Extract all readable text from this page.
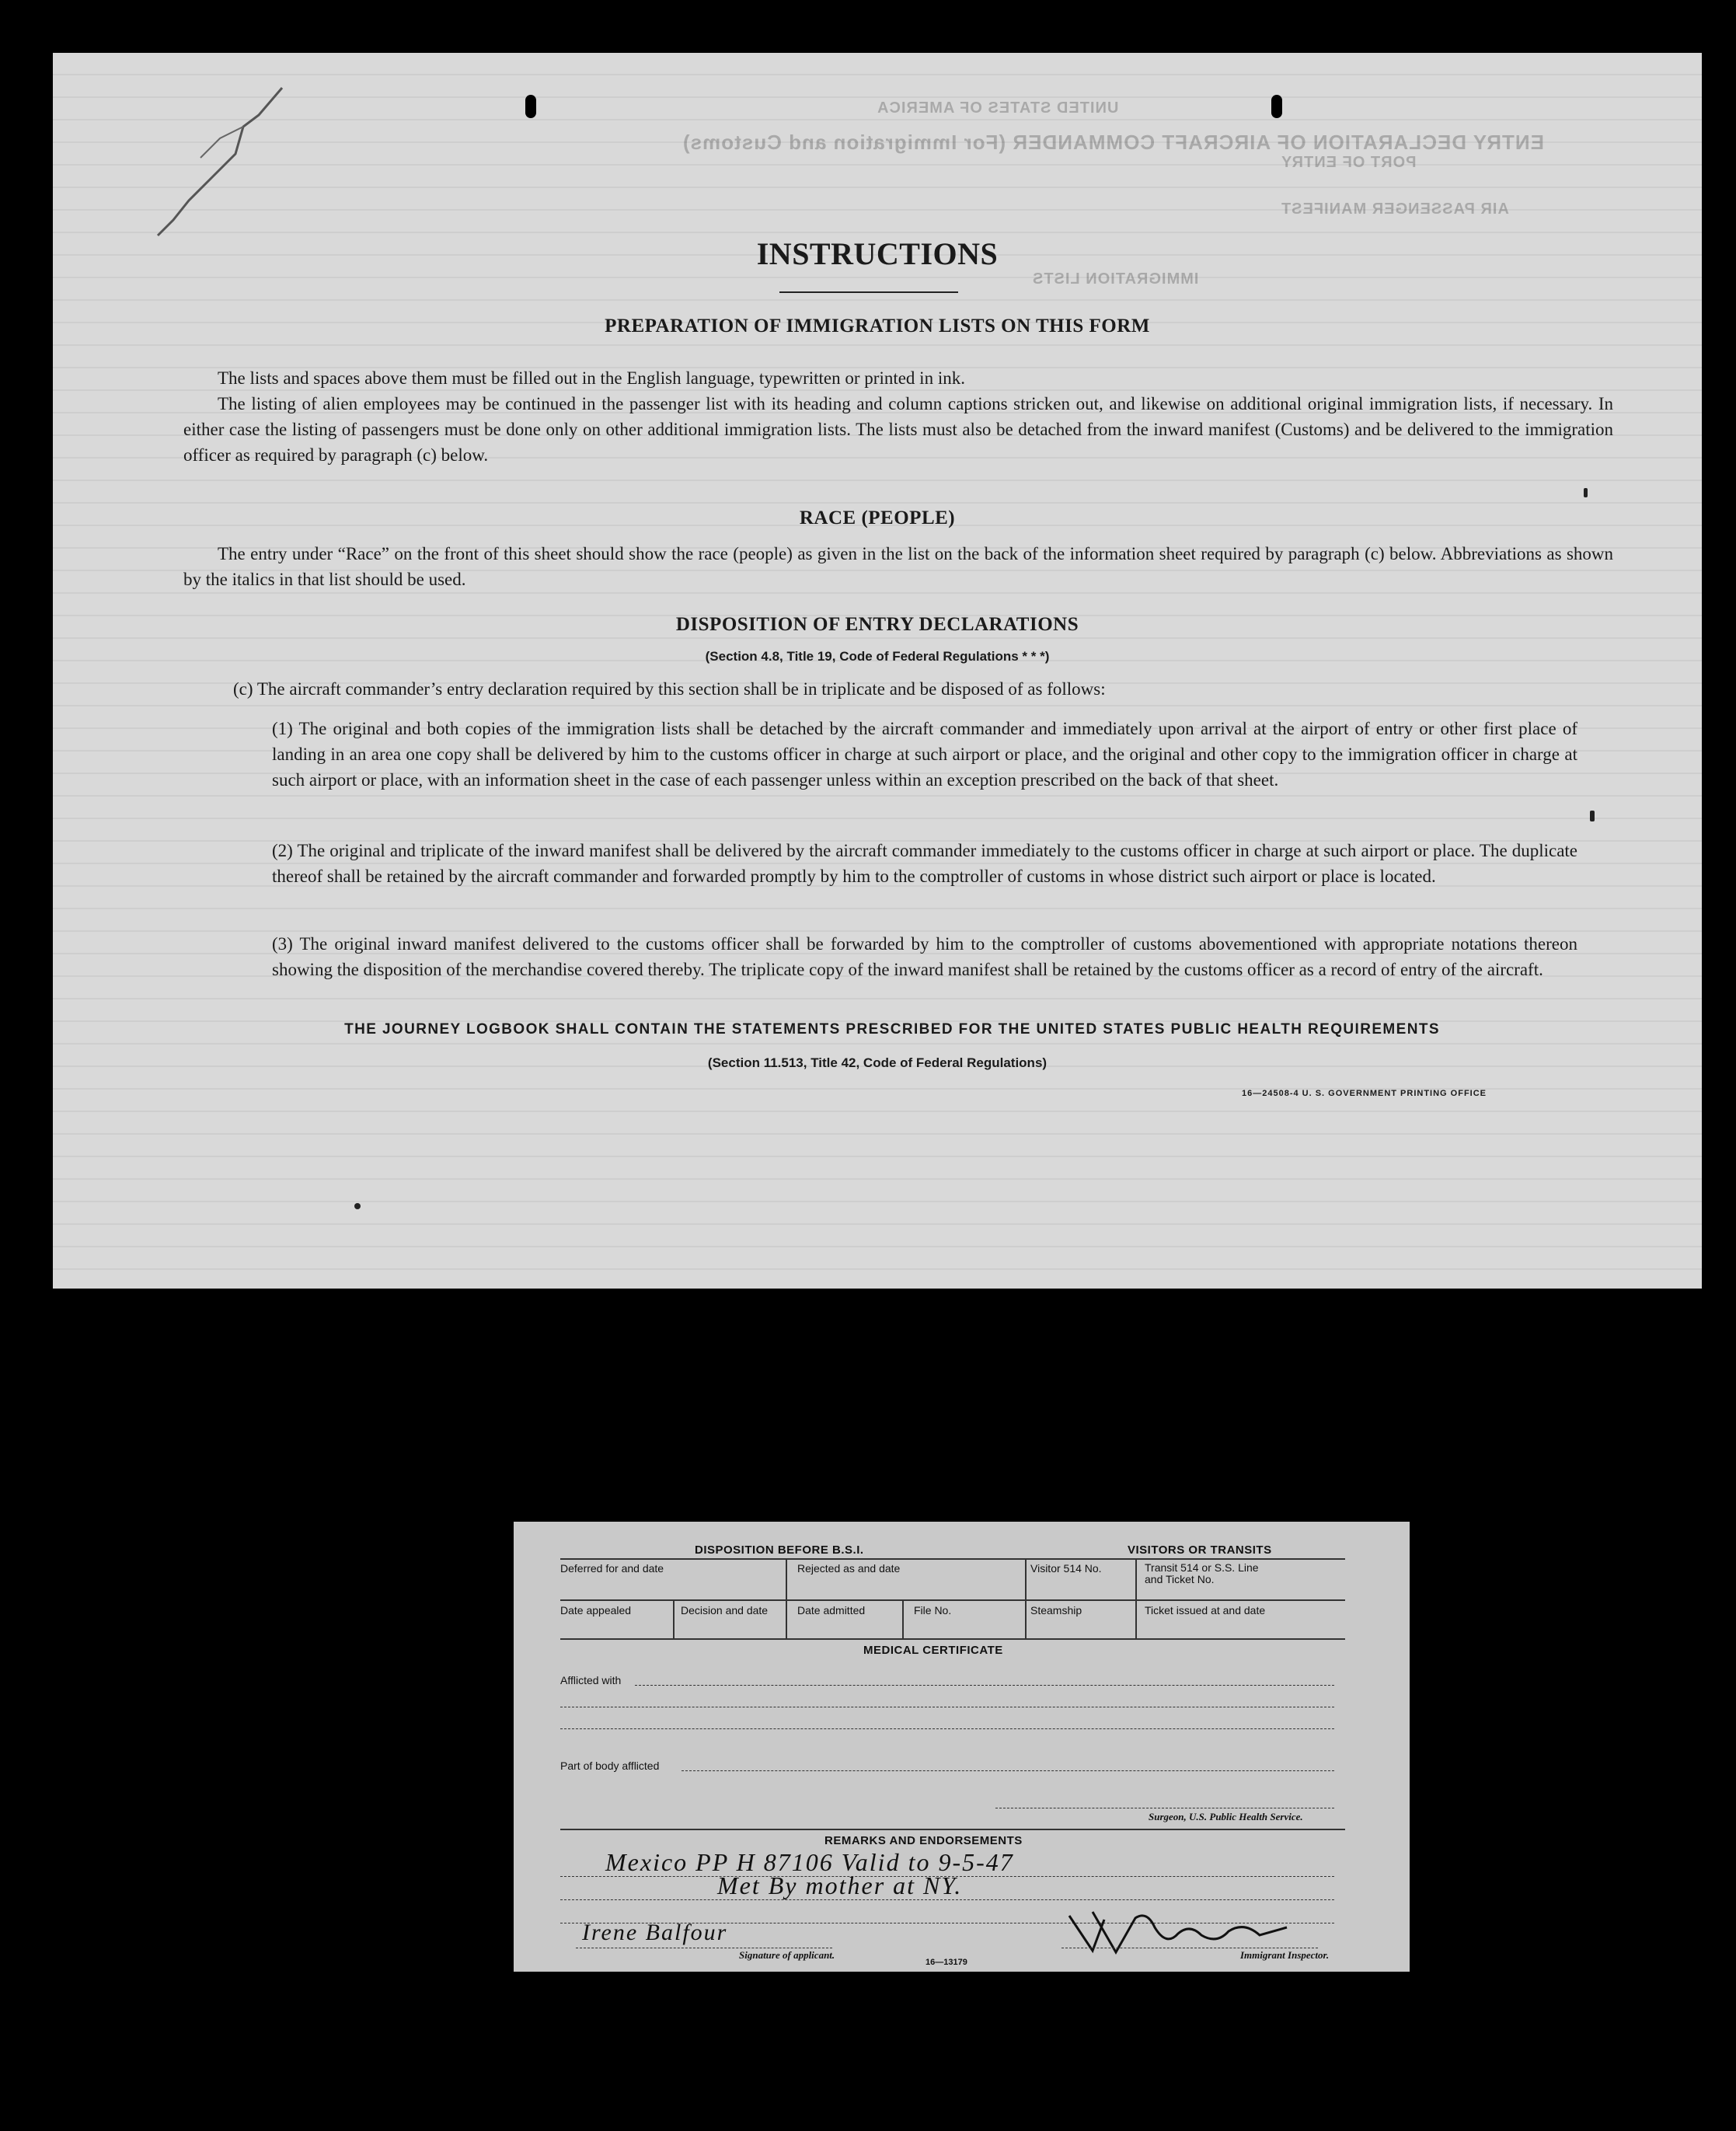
UNITED STATES OF AMERICA
ENTRY DECLARATION OF AIRCRAFT COMMANDER (For Immigration and Customs)
PORT OF ENTRY
AIR PASSENGER MANIFEST
IMMIGRATION LISTS
INSTRUCTIONS
PREPARATION OF IMMIGRATION LISTS ON THIS FORM
The lists and spaces above them must be filled out in the English language, typewritten or printed in ink.
The listing of alien employees may be continued in the passenger list with its heading and column captions stricken out, and likewise on additional original immigration lists, if necessary. In either case the listing of passengers must be done only on other additional immigration lists. The lists must also be detached from the inward manifest (Customs) and be delivered to the immigration officer as required by paragraph (c) below.
RACE (PEOPLE)
The entry under “Race” on the front of this sheet should show the race (people) as given in the list on the back of the information sheet required by paragraph (c) below. Abbreviations as shown by the italics in that list should be used.
DISPOSITION OF ENTRY DECLARATIONS
(Section 4.8, Title 19, Code of Federal Regulations * * *)
(c) The aircraft commander’s entry declaration required by this section shall be in triplicate and be disposed of as follows:
(1) The original and both copies of the immigration lists shall be detached by the aircraft commander and immediately upon arrival at the airport of entry or other first place of landing in an area one copy shall be delivered by him to the customs officer in charge at such airport or place, and the original and other copy to the immigration officer in charge at such airport or place, with an information sheet in the case of each passenger unless within an exception prescribed on the back of that sheet.
(2) The original and triplicate of the inward manifest shall be delivered by the aircraft commander immediately to the customs officer in charge at such airport or place. The duplicate thereof shall be retained by the aircraft commander and forwarded promptly by him to the comptroller of customs in whose district such airport or place is located.
(3) The original inward manifest delivered to the customs officer shall be forwarded by him to the comptroller of customs abovementioned with appropriate notations thereon showing the disposition of the merchandise covered thereby. The triplicate copy of the inward manifest shall be retained by the customs officer as a record of entry of the aircraft.
THE JOURNEY LOGBOOK SHALL CONTAIN THE STATEMENTS PRESCRIBED FOR THE UNITED STATES PUBLIC HEALTH REQUIREMENTS
(Section 11.513, Title 42, Code of Federal Regulations)
16—24508-4 U. S. GOVERNMENT PRINTING OFFICE
DISPOSITION BEFORE B.S.I.	VISITORS OR TRANSITS
Deferred for and date	Rejected as and date	Visitor 514 No.	Transit 514 or S.S. Line and Ticket No.
Date appealed	Decision and date	Date admitted	File No.	Steamship	Ticket issued at and date
MEDICAL CERTIFICATE
Afflicted with
Part of body afflicted
Surgeon, U.S. Public Health Service.
REMARKS AND ENDORSEMENTS
Mexico PP H 87106 Valid to 9-5-47
Met By mother at NY.
Irene Balfour
Signature of applicant.	Immigrant Inspector.
16—13179
